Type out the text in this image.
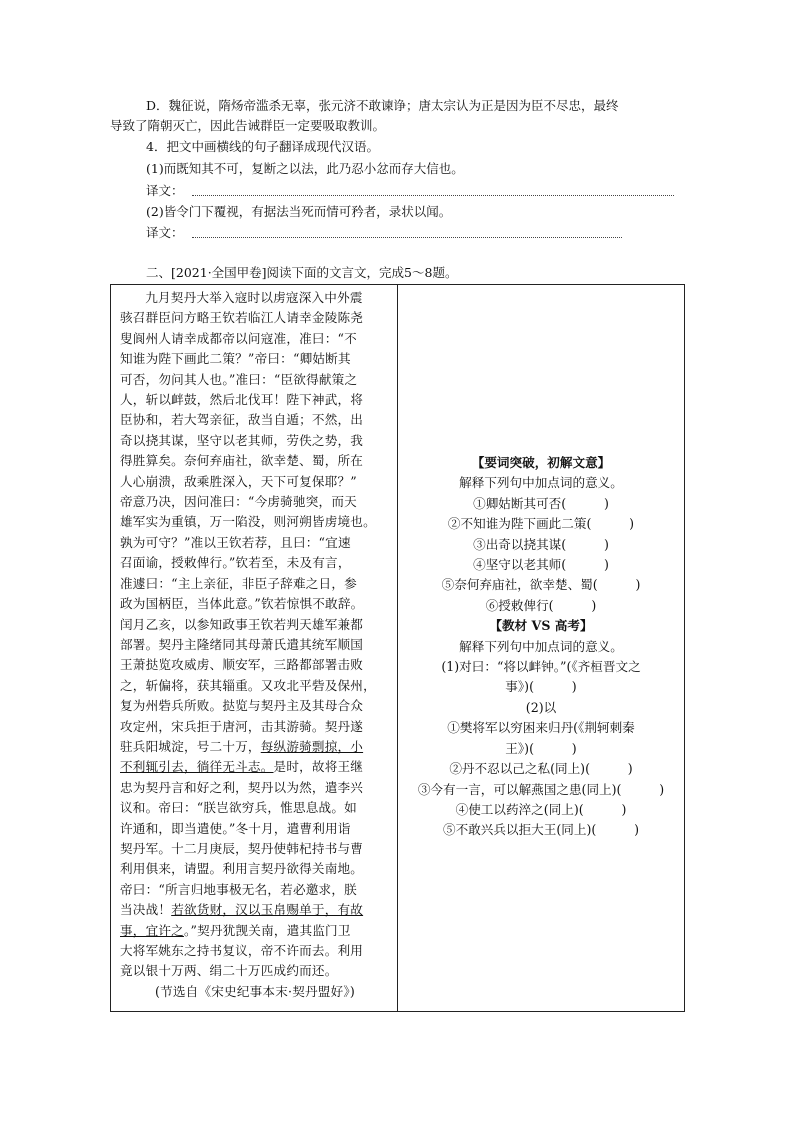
D．魏征说，隋炀帝滥杀无辜，张元济不敢谏诤；唐太宗认为正是因为臣不尽忠，最终
导致了隋朝灭亡，因此告诫群臣一定要吸取教训。
4．把文中画横线的句子翻译成现代汉语。
(1)而既知其不可，复断之以法，此乃忍小忿而存大信也。
译文：
(2)皆令门下覆视，有据法当死而情可矜者，录状以闻。
译文：
二、[2021·全国甲卷]阅读下面的文言文，完成5～8题。

九月契丹大举入寇时以虏寇深入中外震
骇召群臣问方略王钦若临江人请幸金陵陈尧
叟阆州人请幸成都帝以问寇准，准曰：“不
知谁为陛下画此二策？”帝曰：“卿姑断其
可否，勿问其人也。”准曰：“臣欲得献策之
人，斩以衅鼓，然后北伐耳！陛下神武，将
臣协和，若大驾亲征，敌当自遁；不然，出
奇以挠其谋，坚守以老其师，劳佚之势，我
得胜算矣。奈何弃庙社，欲幸楚、蜀，所在
人心崩溃，敌乘胜深入，天下可复保耶？”
帝意乃决，因问准曰：“今虏骑驰突，而天
雄军实为重镇，万一陷没，则河朔皆虏境也。
孰为可守？”准以王钦若荐，且曰：“宜速
召面谕，授敕俾行。”钦若至，未及有言，
准遽曰：“主上亲征，非臣子辞难之日，参
政为国柄臣，当体此意。”钦若惊惧不敢辞。
闰月乙亥，以参知政事王钦若判天雄军兼都
部署。契丹主隆绪同其母萧氏遣其统军顺国
王萧挞览攻威虏、顺安军，三路都部署击败
之，斩偏将，获其辎重。又攻北平砦及保州，
复为州砦兵所败。挞览与契丹主及其母合众
攻定州，宋兵拒于唐河，击其游骑。契丹遂

驻兵阳城淀，号二十万，每纵游骑剽掠，小
不利辄引去，徜徉无斗志。是时，故将王继

忠为契丹言和好之利，契丹以为然，遣李兴
议和。帝曰：“朕岂欲穷兵，惟思息战。如
许通和，即当遣使。”冬十月，遣曹利用诣
契丹军。十二月庚辰，契丹使韩杞持书与曹
利用俱来，请盟。利用言契丹欲得关南地。
帝曰：“所言归地事极无名，若必邀求，朕

当决战！若欲货财，汉以玉帛赐单于，有故
事，宜许之。”契丹犹觊关南，遣其监门卫

大将军姚东之持书复议，帝不许而去。利用
竟以银十万两、绢二十万匹成约而还。

(节选自《宋史纪事本末·契丹盟好》)

【要词突破，初解文意】
解释下列句中加点词的意义。
①卿姑断其可否(　　　)
②不知谁为陛下画此二策(　　　)
③出奇以挠其谋(　　　)
④坚守以老其师(　　　)
⑤奈何弃庙社，欲幸楚、蜀(　　　)
⑥授敕俾行(　　　)
【教材 VS 高考】
解释下列句中加点词的意义。
(1)对曰：“将以衅钟。”(《齐桓晋文之
事》)(　　　)
(2)以
①樊将军以穷困来归丹(《荆轲刺秦
王》)(　　　)
②丹不忍以己之私(同上)(　　　)
③今有一言，可以解燕国之患(同上)(　　　)
④使工以药淬之(同上)(　　　)
⑤不敢兴兵以拒大王(同上)(　　　)
